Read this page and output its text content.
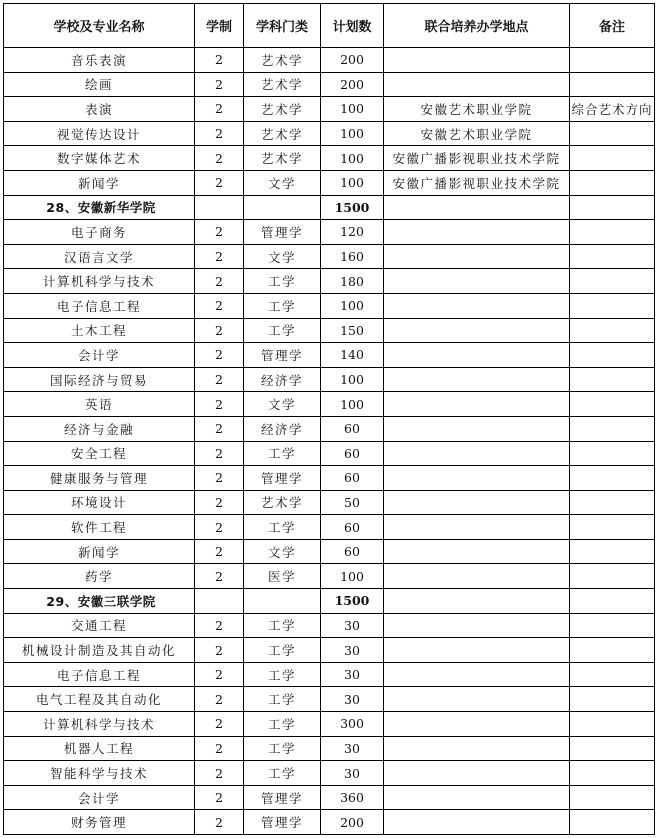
学校及专业名称	学制	学科门类	计划数	联合培养办学地点	备注
音乐表演	2	艺术学	200		
绘画	2	艺术学	200		
表演	2	艺术学	100	安徽艺术职业学院	综合艺术方向
视觉传达设计	2	艺术学	100	安徽艺术职业学院	
数字媒体艺术	2	艺术学	100	安徽广播影视职业技术学院	
新闻学	2	文学	100	安徽广播影视职业技术学院	
28、安徽新华学院			1500		
电子商务	2	管理学	120		
汉语言文学	2	文学	160		
计算机科学与技术	2	工学	180		
电子信息工程	2	工学	100		
土木工程	2	工学	150		
会计学	2	管理学	140		
国际经济与贸易	2	经济学	100		
英语	2	文学	100		
经济与金融	2	经济学	60		
安全工程	2	工学	60		
健康服务与管理	2	管理学	60		
环境设计	2	艺术学	50		
软件工程	2	工学	60		
新闻学	2	文学	60		
药学	2	医学	100		
29、安徽三联学院			1500		
交通工程	2	工学	30		
机械设计制造及其自动化	2	工学	30		
电子信息工程	2	工学	30		
电气工程及其自动化	2	工学	30		
计算机科学与技术	2	工学	300		
机器人工程	2	工学	30		
智能科学与技术	2	工学	30		
会计学	2	管理学	360		
财务管理	2	管理学	200		
